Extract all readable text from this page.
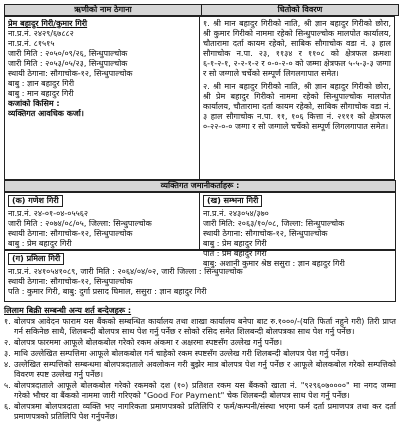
ऋणीको नाम ठेगाना	धितोको विवरण
प्रेम बहादुर गिरी/कुमार गिरी
ना.प्र.नं. २४२९/६७८८२
ना.प्र.नं. ८१५१५
जारी मिति : २०५०/०९/२६, सिन्धुपाल्चोक
जारी मिति : २०५३/०५/२३, सिन्धुपाल्चोक
स्थायी ठेगाना: सौगाचोक-१२, सिन्धुपाल्चोक
बाबु : ज्ञान बहादुर गिरी
बाबु : मान बहादुर गिरी
कजांको किसिम :
व्यक्तिगत आवधिक कर्जा।
१. श्री मान बहादुर गिरीको नाति, श्री ज्ञान बहादुर गिरीको छोरा, श्री कुमार गिरीको नाममा रहेको सिन्धुपाल्चोक मालपोत कार्यालय, चौतारामा दर्ता कायम रहेको, साबिक सौगाचोक वडा नं. ३ हाल सौगाचोक न.पा. २३, ११३४ र ११०८ को क्षेत्रफल क्रमशः ६-१-२-१, २-२-१-२ र ०-०-२-० को जम्मा क्षेत्रफल ५-५-३-३ जग्गा र सो जग्गाले चर्चेको सम्पूर्ण लिगलगापात समेत।
२. श्री मान बहादुर गिरीको नाति, श्री ज्ञान बहादुर गिरीको छोरा, श्री प्रेम बहादुर गिरीको नाममा रहेको सिन्धुपाल्चोक मालपोत कार्यालय, चौतारामा दर्ता कायम रहेको, साबिक सौगाचोक वडा नं. ३ हाल सौगाचोक न.पा. ११, १०६ कित्ता नं. २१११ को क्षेत्रफल ०-२२-०-० जग्गा र सो जग्गाले चर्चेको सम्पूर्ण लिगलगापात समेत।
व्यक्तिगत जमानीकर्ताहरू :
(क) गणेश गिरी
ना.प्र.नं. २४-०१-०४-०५५६२
जारी मिति : २०७४/०८/०५, जिल्ला: सिन्धुपाल्चोक
स्थायी ठेगाना: सौगाचोक-१२, सिन्धुपाल्चोक
बाबु : प्रेम बहादुर गिरी
(ख) सम्भना गिरी
ना.प्र.नं. २४३०५४/३७०
जारी मिति: २०६३/१०/०८, जिल्ला: सिन्धुपाल्चोक
स्थायी ठेगाना: सौगाचोक-१२, सिन्धुपाल्चोक
बाबु : प्रेम बहादुर गिरी
पति : प्रेम बहादुर गिरी
बाबु: अशानी कुमार श्रेष्ठ ससुरा : ज्ञान बहादुर गिरी
(ग) प्रमिला गिरी
ना.प्र.नं. २४१०५४१०८९, जारी मिति : २०६४/०४/०२, जारी जिल्ला : सिन्धुपाल्चोक
स्थायी ठेगाना: सौगाचोक-१२, सिन्धुपाल्चोक
पति : कुमार गिरी, बाबु: दुर्गा प्रसाद घिमाल, ससुरा : ज्ञान बहादुर गिरी
लिलाम बिक्री सम्बन्धी अन्य शर्त बन्देजहरू :
१. बोलपत्र आवेदन फाराम यस बैंकको सम्बन्धित कार्यालय तथा शाखा कार्यालय बनेपा बाट रु.१०००/-(यति फिर्ता नहुने गरी) तिरी प्राप्त गर्न सकिनेछ साथै, शिलबन्दी बोलपत्र साथ पेश गर्नु पर्नेछ र सोको रसिद समेत शिलबन्दी बोलपत्रका साथ पेश गर्नु पर्नेछ।
२. बोलपत्र फारममा आफूले बोलकबोल गरेको रकम अंकमा र अक्षरमा स्पष्टसँग उल्लेख गर्नु पर्नेछ।
३. माथि उल्लेखित सम्पत्तिमा आफूले बोलकबोल गर्न चाहेको रकम स्पष्टसँग उल्लेख गरी शिलबन्दी बोलपत्र पेश गर्नु पर्नेछ।
४. उल्लेखित सम्पत्तिको सम्बन्धमा बोलपत्रदाताले अवलोकन गरी बुझेर मात्र बोलपत्र पेश गर्नु पर्नेछ र आफूले बोलकबोल गरेको सम्पत्तिको विवरण स्पष्ट उल्लेख गर्नु पर्नेछ।
५. बोलपत्रदाताले आफूले बोलकबोल गरेको रकमको दश (१०) प्रतिशत रकम यस बैंकको खाता नं. "९२९६०७००००" मा नगद जम्मा गरेको भौचर वा बैंकको नाममा जारी गरिएको "Good For Payment" चेक शिलबन्दी बोलपत्र साथ पेश गर्नु पर्नेछ।
६. बोलपत्रमा बोलपत्रदाता व्यक्ति भए नागरिकता प्रमाणपत्रको प्रतिलिपि र फर्म/कम्पनी/संस्था भएमा फर्म दर्ता प्रमाणपत्र तथा कर दर्ता प्रमाणपत्रको प्रतिलिपि पेश गर्नुपर्नेछ।
